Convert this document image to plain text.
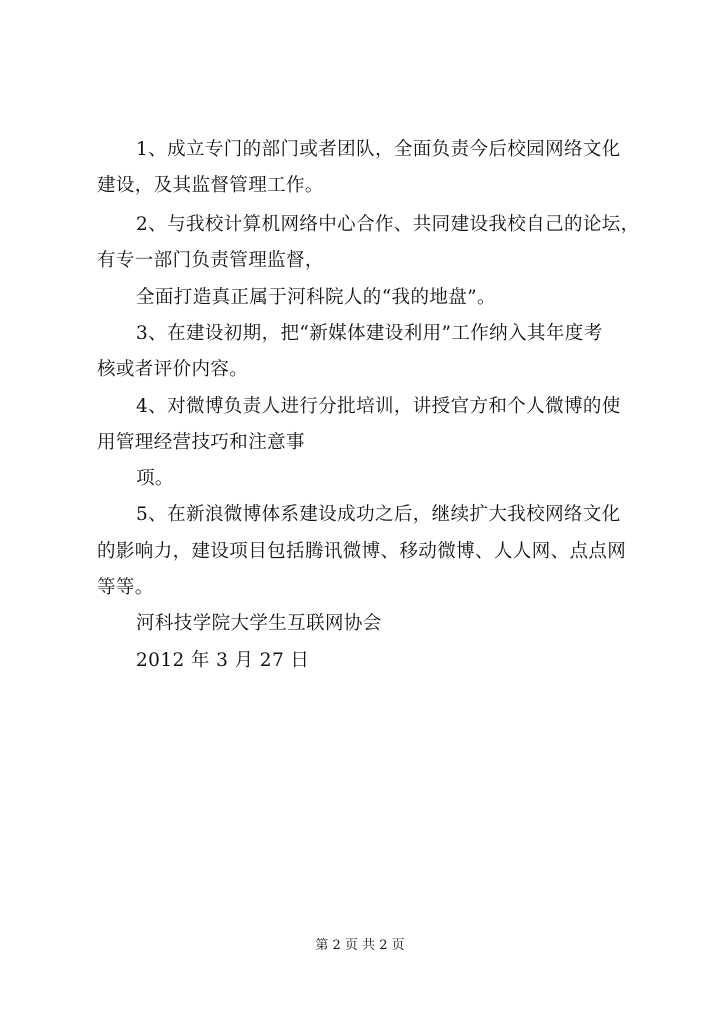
1、成立专门的部门或者团队，全面负责今后校园网络文化
建设，及其监督管理工作。
2、与我校计算机网络中心合作、共同建设我校自己的论坛，
有专一部门负责管理监督，
全面打造真正属于河科院人的“我的地盘”。
3、在建设初期，把“新媒体建设利用”工作纳入其年度考
核或者评价内容。
4、对微博负责人进行分批培训，讲授官方和个人微博的使
用管理经营技巧和注意事
项。
5、在新浪微博体系建设成功之后，继续扩大我校网络文化
的影响力，建设项目包括腾讯微博、移动微博、人人网、点点网
等等。
河科技学院大学生互联网协会
2012 年 3 月 27 日
第 2 页 共 2 页
